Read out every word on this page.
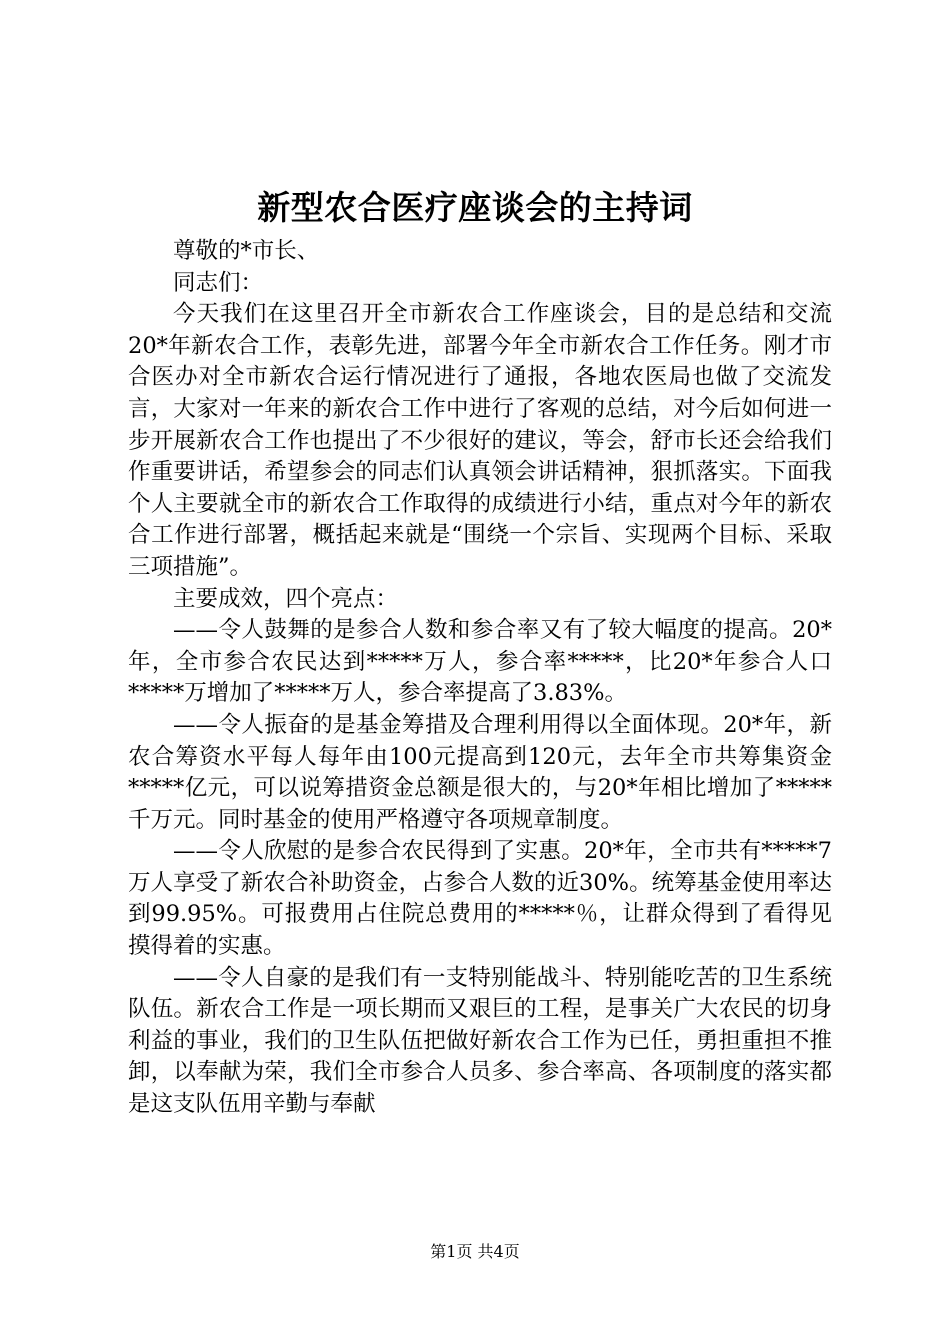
新型农合医疗座谈会的主持词

尊敬的*市长、

同志们：

今天我们在这里召开全市新农合工作座谈会，目的是总结和交流20*年新农合工作，表彰先进，部署今年全市新农合工作任务。刚才市合医办对全市新农合运行情况进行了通报，各地农医局也做了交流发言，大家对一年来的新农合工作中进行了客观的总结，对今后如何进一步开展新农合工作也提出了不少很好的建议，等会，舒市长还会给我们作重要讲话，希望参会的同志们认真领会讲话精神，狠抓落实。下面我个人主要就全市的新农合工作取得的成绩进行小结，重点对今年的新农合工作进行部署，概括起来就是“围绕一个宗旨、实现两个目标、采取三项措施”。

主要成效，四个亮点：

——令人鼓舞的是参合人数和参合率又有了较大幅度的提高。20*年，全市参合农民达到*****万人，参合率*****，比20*年参合人口*****万增加了*****万人，参合率提高了3.83%。

——令人振奋的是基金筹措及合理利用得以全面体现。20*年，新农合筹资水平每人每年由100元提高到120元，去年全市共筹集资金*****亿元，可以说筹措资金总额是很大的，与20*年相比增加了*****千万元。同时基金的使用严格遵守各项规章制度。

——令人欣慰的是参合农民得到了实惠。20*年，全市共有*****7万人享受了新农合补助资金，占参合人数的近30%。统筹基金使用率达到99.95%。可报费用占住院总费用的*****％，让群众得到了看得见摸得着的实惠。

——令人自豪的是我们有一支特别能战斗、特别能吃苦的卫生系统队伍。新农合工作是一项长期而又艰巨的工程，是事关广大农民的切身利益的事业，我们的卫生队伍把做好新农合工作为已任，勇担重担不推卸，以奉献为荣，我们全市参合人员多、参合率高、各项制度的落实都是这支队伍用辛勤与奉献

第1页 共4页
